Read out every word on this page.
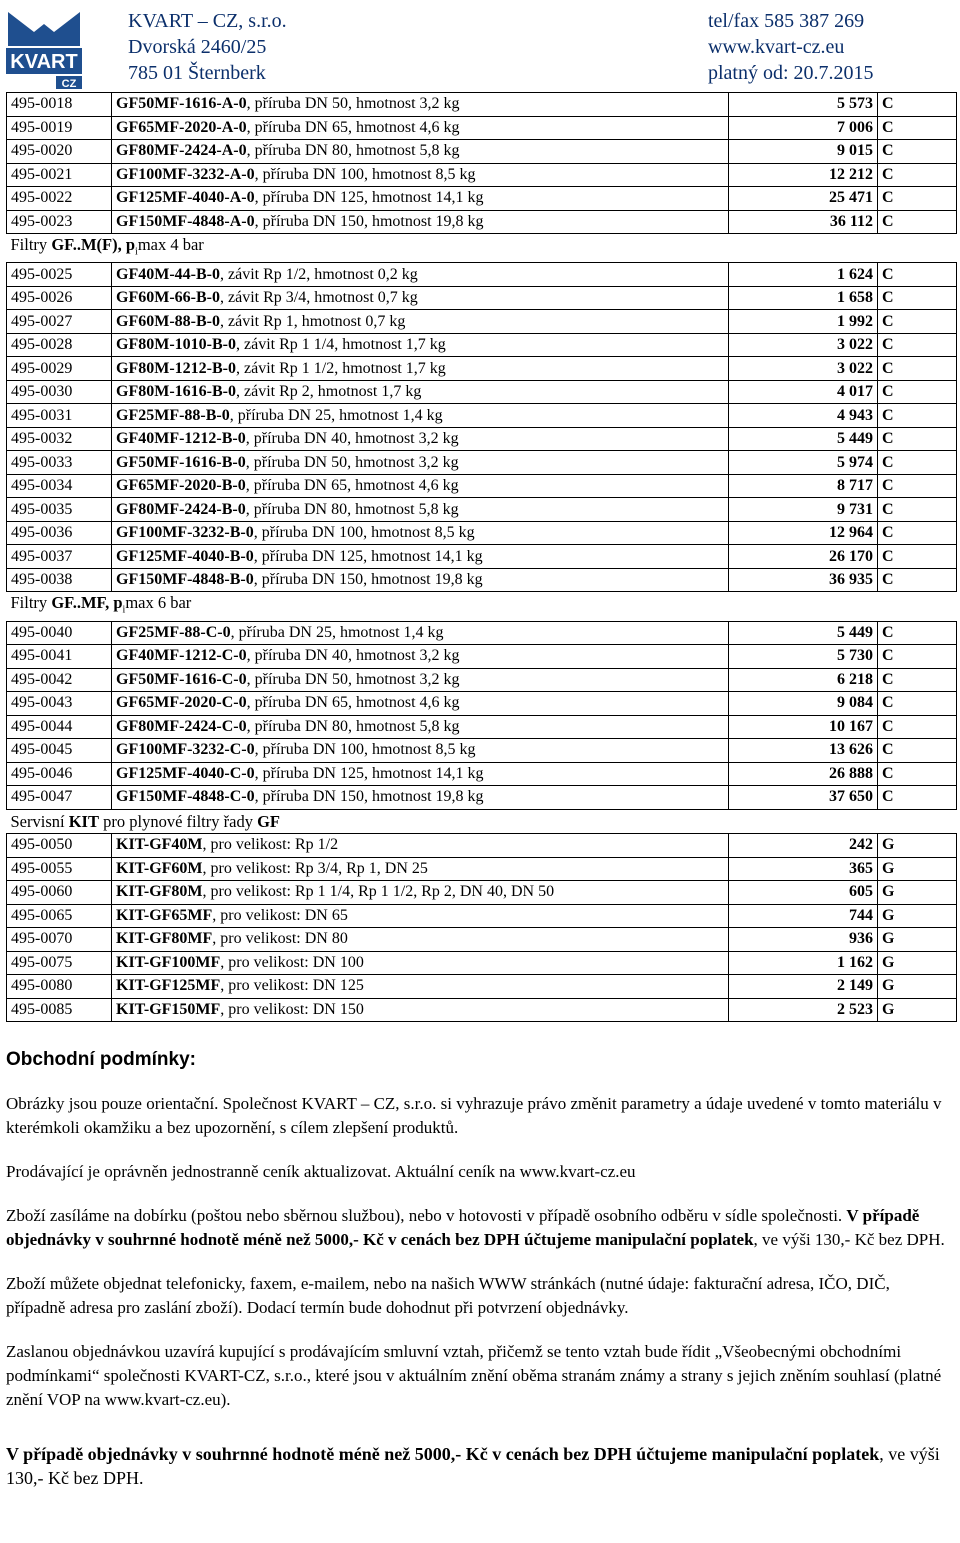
KVART
CZ
KVART – CZ, s.r.o.
Dvorská 2460/25
785 01 Šternberk
tel/fax 585 387 269
www.kvart-cz.eu
platný od: 20.7.2015
495-0018	GF50MF-1616-A-0, příruba DN 50, hmotnost 3,2 kg	5 573	C
495-0019	GF65MF-2020-A-0, příruba DN 65, hmotnost 4,6 kg	7 006	C
495-0020	GF80MF-2424-A-0, příruba DN 80, hmotnost 5,8 kg	9 015	C
495-0021	GF100MF-3232-A-0, příruba DN 100, hmotnost 8,5 kg	12 212	C
495-0022	GF125MF-4040-A-0, příruba DN 125, hmotnost 14,1 kg	25 471	C
495-0023	GF150MF-4848-A-0, příruba DN 150, hmotnost 19,8 kg	36 112	C
Filtry GF..M(F), $p_i\max$ 4 bar			
495-0025	GF40M-44-B-0, závit Rp 1/2, hmotnost 0,2 kg	1 624	C
495-0026	GF60M-66-B-0, závit Rp 3/4, hmotnost 0,7 kg	1 658	C
495-0027	GF60M-88-B-0, závit Rp 1, hmotnost 0,7 kg	1 992	C
495-0028	GF80M-1010-B-0, závit Rp 1 1/4, hmotnost 1,7 kg	3 022	C
495-0029	GF80M-1212-B-0, závit Rp 1 1/2, hmotnost 1,7 kg	3 022	C
495-0030	GF80M-1616-B-0, závit Rp 2, hmotnost 1,7 kg	4 017	C
495-0031	GF25MF-88-B-0, příruba DN 25, hmotnost 1,4 kg	4 943	C
495-0032	GF40MF-1212-B-0, příruba DN 40, hmotnost 3,2 kg	5 449	C
495-0033	GF50MF-1616-B-0, příruba DN 50, hmotnost 3,2 kg	5 974	C
495-0034	GF65MF-2020-B-0, příruba DN 65, hmotnost 4,6 kg	8 717	C
495-0035	GF80MF-2424-B-0, příruba DN 80, hmotnost 5,8 kg	9 731	C
495-0036	GF100MF-3232-B-0, příruba DN 100, hmotnost 8,5 kg	12 964	C
495-0037	GF125MF-4040-B-0, příruba DN 125, hmotnost 14,1 kg	26 170	C
495-0038	GF150MF-4848-B-0, příruba DN 150, hmotnost 19,8 kg	36 935	C
Filtry GF..MF, $p_i\max$ 6 bar			
495-0040	GF25MF-88-C-0, příruba DN 25, hmotnost 1,4 kg	5 449	C
495-0041	GF40MF-1212-C-0, příruba DN 40, hmotnost 3,2 kg	5 730	C
495-0042	GF50MF-1616-C-0, příruba DN 50, hmotnost 3,2 kg	6 218	C
495-0043	GF65MF-2020-C-0, příruba DN 65, hmotnost 4,6 kg	9 084	C
495-0044	GF80MF-2424-C-0, příruba DN 80, hmotnost 5,8 kg	10 167	C
495-0045	GF100MF-3232-C-0, příruba DN 100, hmotnost 8,5 kg	13 626	C
495-0046	GF125MF-4040-C-0, příruba DN 125, hmotnost 14,1 kg	26 888	C
495-0047	GF150MF-4848-C-0, příruba DN 150, hmotnost 19,8 kg	37 650	C
Servisní KIT pro plynové filtry řady GF			
495-0050	KIT-GF40M, pro velikost: Rp 1/2	242	G
495-0055	KIT-GF60M, pro velikost: Rp 3/4, Rp 1, DN 25	365	G
495-0060	KIT-GF80M, pro velikost: Rp 1 1/4, Rp 1 1/2, Rp 2, DN 40, DN 50	605	G
495-0065	KIT-GF65MF, pro velikost: DN 65	744	G
495-0070	KIT-GF80MF, pro velikost: DN 80	936	G
495-0075	KIT-GF100MF, pro velikost: DN 100	1 162	G
495-0080	KIT-GF125MF, pro velikost: DN 125	2 149	G
495-0085	KIT-GF150MF, pro velikost: DN 150	2 523	G
Obchodní podmínky:

Obrázky jsou pouze orientační. Společnost KVART – CZ, s.r.o. si vyhrazuje právo změnit parametry a údaje uvedené v tomto materiálu v kterémkoli okamžiku a bez upozornění, s cílem zlepšení produktů.

Prodávající je oprávněn jednostranně ceník aktualizovat. Aktuální ceník na www.kvart-cz.eu

Zboží zasíláme na dobírku (poštou nebo sběrnou službou), nebo v hotovosti v případě osobního odběru v sídle společnosti. V případě objednávky v souhrnné hodnotě méně než 5000,- Kč v cenách bez DPH účtujeme manipulační poplatek, ve výši 130,- Kč bez DPH.

Zboží můžete objednat telefonicky, faxem, e-mailem, nebo na našich WWW stránkách (nutné údaje: fakturační adresa, IČO, DIČ, případně adresa pro zaslání zboží). Dodací termín bude dohodnut při potvrzení objednávky.

Zaslanou objednávkou uzavírá kupující s prodávajícím smluvní vztah, přičemž se tento vztah bude řídit „Všeobecnými obchodními podmínkami“ společnosti KVART-CZ, s.r.o., které jsou v aktuálním znění oběma stranám známy a strany s jejich zněním souhlasí (platné znění VOP na www.kvart-cz.eu).

V případě objednávky v souhrnné hodnotě méně než 5000,- Kč v cenách bez DPH účtujeme manipulační poplatek, ve výši 130,- Kč bez DPH.
